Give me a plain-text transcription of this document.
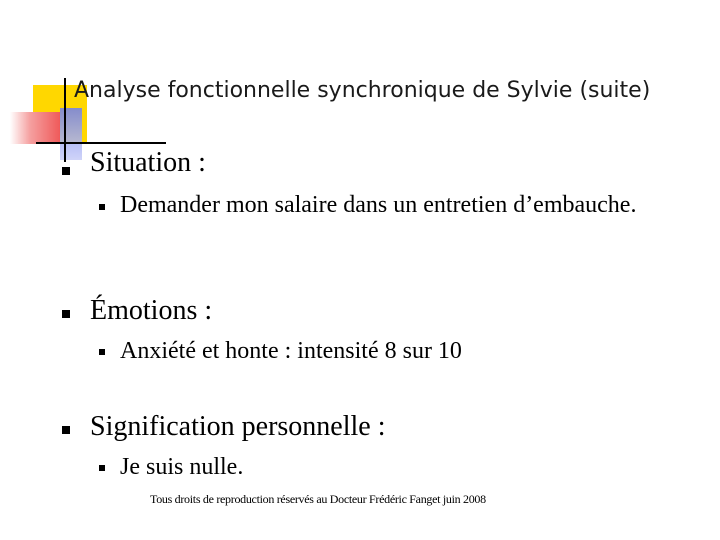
Analyse fonctionnelle synchronique de Sylvie (suite)
Situation :
Demander mon salaire dans un entretien d’embauche.
Émotions :
Anxiété et honte : intensité 8 sur 10
Signification personnelle :
Je suis nulle.
Tous droits de reproduction réservés au Docteur Frédéric Fanget juin 2008
